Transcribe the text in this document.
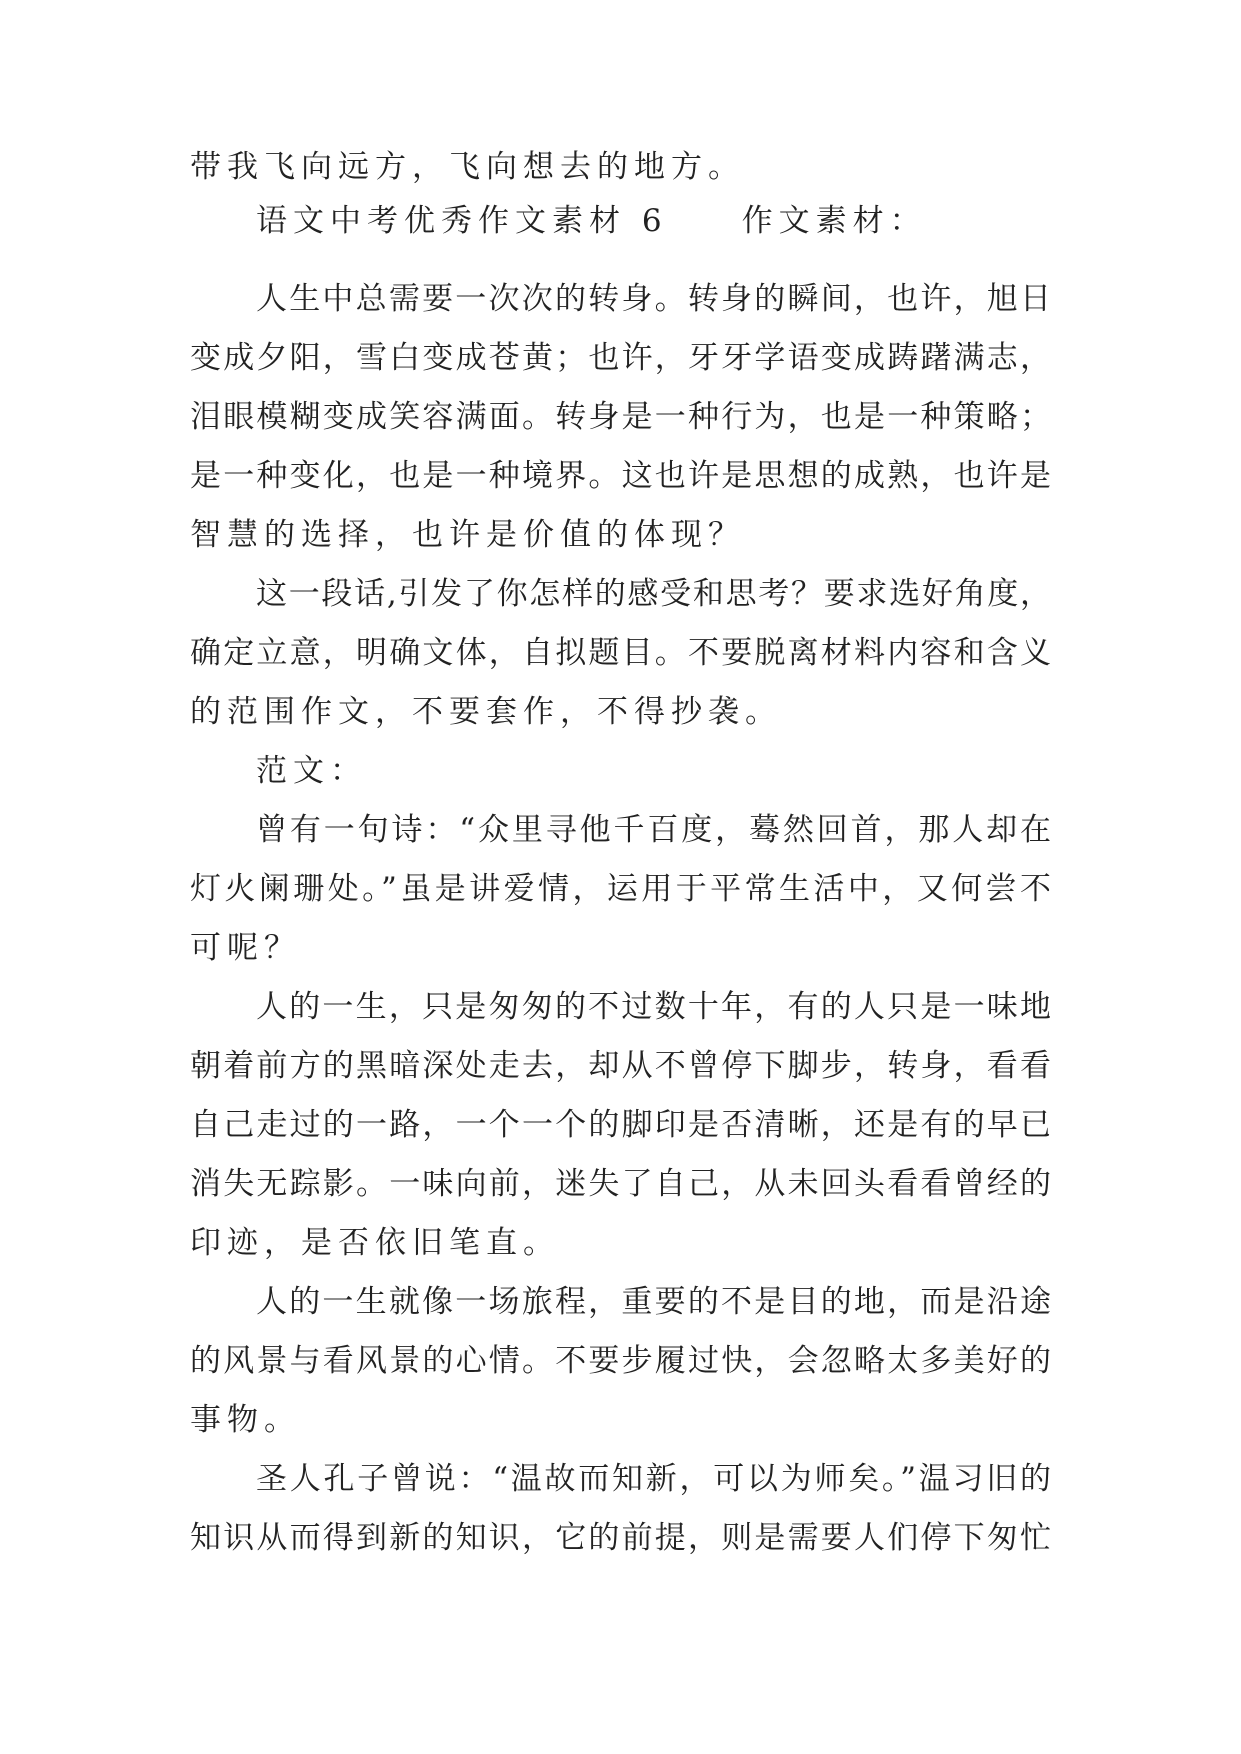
带我飞向远方，飞向想去的地方。
语文中考优秀作文素材 6　　作文素材：
人生中总需要一次次的转身。转身的瞬间，也许，旭日
变成夕阳，雪白变成苍黄；也许，牙牙学语变成踌躇满志，
泪眼模糊变成笑容满面。转身是一种行为，也是一种策略；
是一种变化，也是一种境界。这也许是思想的成熟，也许是
智慧的选择，也许是价值的体现？
这一段话,引发了你怎样的感受和思考？要求选好角度，
确定立意，明确文体，自拟题目。不要脱离材料内容和含义
的范围作文，不要套作，不得抄袭。
范文：
曾有一句诗：“众里寻他千百度，蓦然回首，那人却在
灯火阑珊处。”虽是讲爱情，运用于平常生活中，又何尝不
可呢？
人的一生，只是匆匆的不过数十年，有的人只是一味地
朝着前方的黑暗深处走去，却从不曾停下脚步，转身，看看
自己走过的一路，一个一个的脚印是否清晰，还是有的早已
消失无踪影。一味向前，迷失了自己，从未回头看看曾经的
印迹，是否依旧笔直。
人的一生就像一场旅程，重要的不是目的地，而是沿途
的风景与看风景的心情。不要步履过快，会忽略太多美好的
事物。
圣人孔子曾说：“温故而知新，可以为师矣。”温习旧的
知识从而得到新的知识，它的前提，则是需要人们停下匆忙
